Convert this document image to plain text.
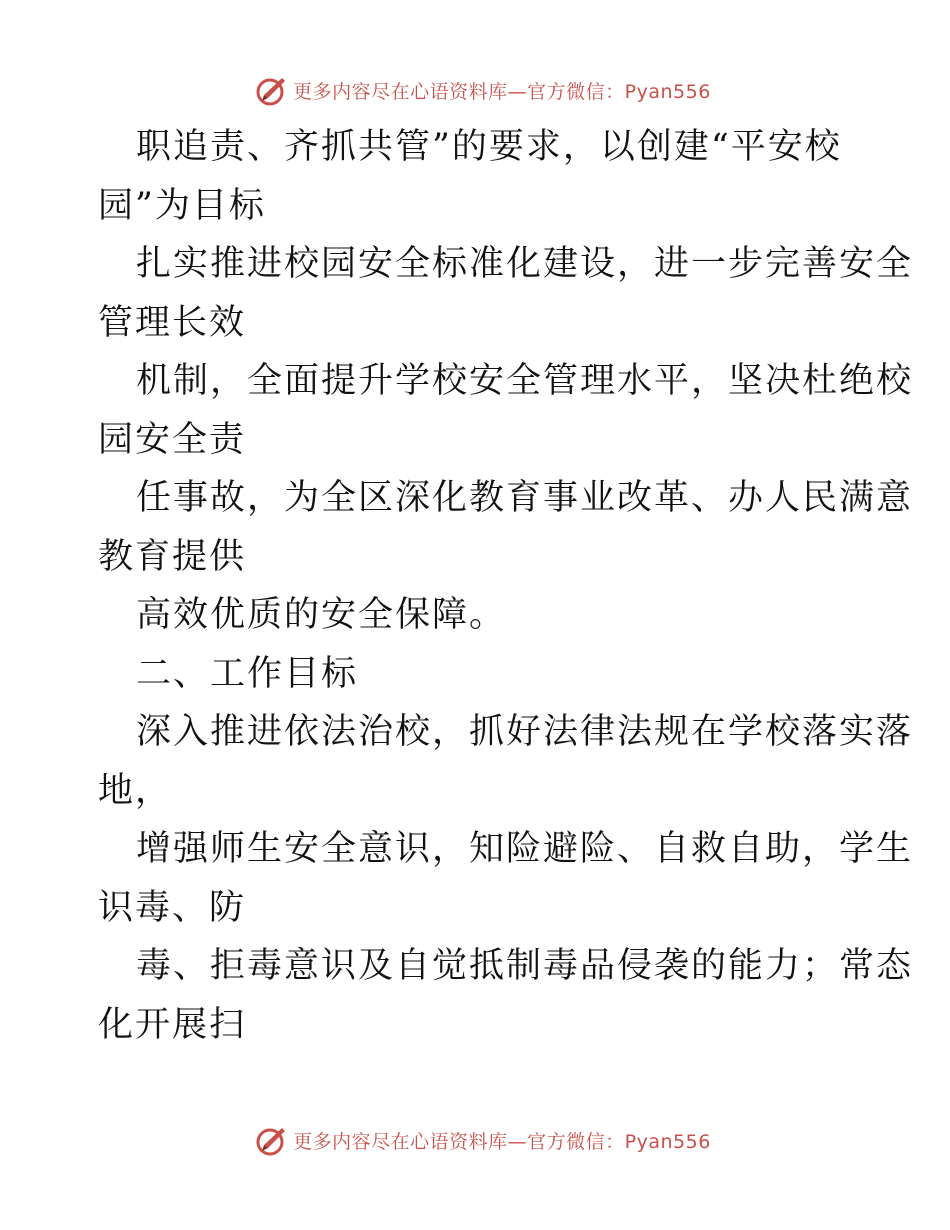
更多内容尽在心语资料库—官方微信：Pyan556
职追责、齐抓共管”的要求，以创建“平安校
园”为目标
扎实推进校园安全标准化建设，进一步完善安全
管理长效
机制，全面提升学校安全管理水平，坚决杜绝校
园安全责
任事故，为全区深化教育事业改革、办人民满意
教育提供
高效优质的安全保障。
二、工作目标
深入推进依法治校，抓好法律法规在学校落实落
地，
增强师生安全意识，知险避险、自救自助，学生
识毒、防
毒、拒毒意识及自觉抵制毒品侵袭的能力；常态
化开展扫
更多内容尽在心语资料库—官方微信：Pyan556
